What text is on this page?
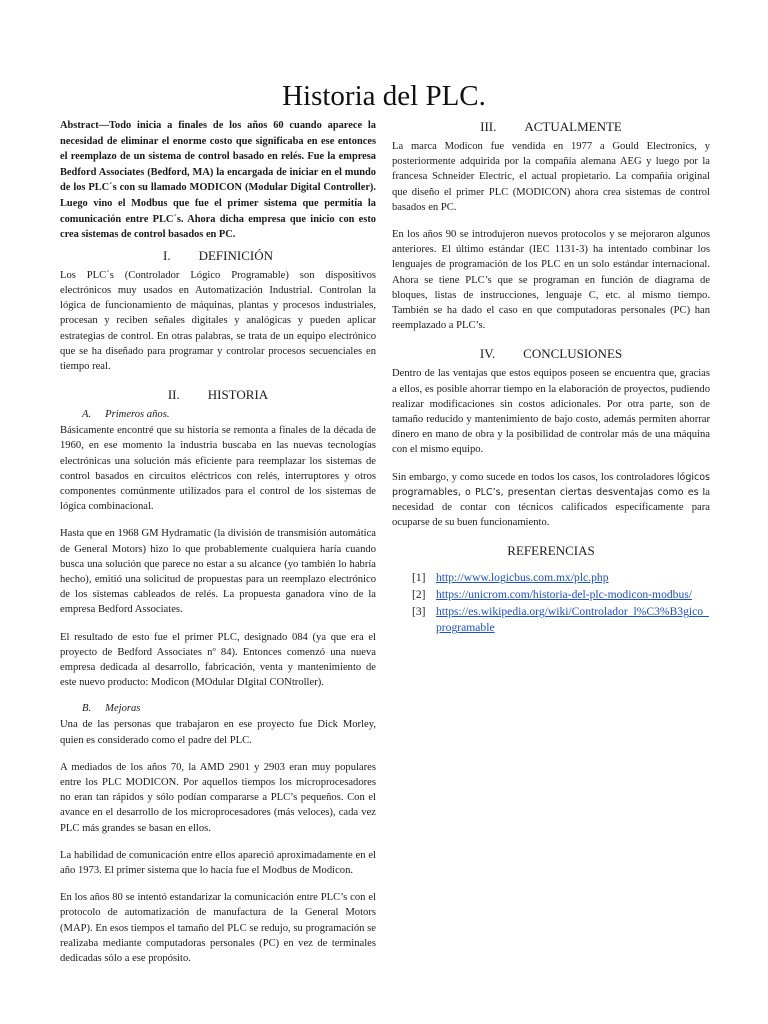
Historia del PLC.

Abstract—Todo inicia a finales de los años 60 cuando aparece la necesidad de eliminar el enorme costo que significaba en ese entonces el reemplazo de un sistema de control basado en relés. Fue la empresa Bedford Associates (Bedford, MA) la encargada de iniciar en el mundo de los PLC´s con su llamado MODICON (Modular Digital Controller). Luego vino el Modbus que fue el primer sistema que permitía la comunicación entre PLC´s. Ahora dicha empresa que inicio con esto crea sistemas de control basados en PC.

I. DEFINICIÓN

Los PLC´s (Controlador Lógico Programable) son dispositivos electrónicos muy usados en Automatización Industrial. Controlan la lógica de funcionamiento de máquinas, plantas y procesos industriales, procesan y reciben señales digitales y analógicas y pueden aplicar estrategias de control. En otras palabras, se trata de un equipo electrónico que se ha diseñado para programar y controlar procesos secuenciales en tiempo real.

II. HISTORIA
A. Primeros años.

Básicamente encontré que su historia se remonta a finales de la década de 1960, en ese momento la industria buscaba en las nuevas tecnologías electrónicas una solución más eficiente para reemplazar los sistemas de control basados en circuitos eléctricos con relés, interruptores y otros componentes comúnmente utilizados para el control de los sistemas de lógica combinacional.

Hasta que en 1968 GM Hydramatic (la división de transmisión automática de General Motors) hizo lo que probablemente cualquiera haría cuando busca una solución que parece no estar a su alcance (yo también lo habría hecho), emitió una solicitud de propuestas para un reemplazo electrónico de los sistemas cableados de relés. La propuesta ganadora vino de la empresa Bedford Associates.

El resultado de esto fue el primer PLC, designado 084 (ya que era el proyecto de Bedford Associates nº 84). Entonces comenzó una nueva empresa dedicada al desarrollo, fabricación, venta y mantenimiento de este nuevo producto: Modicon (MOdular DIgital CONtroller).

B. Mejoras

Una de las personas que trabajaron en ese proyecto fue Dick Morley, quien es considerado como el padre del PLC.

A mediados de los años 70, la AMD 2901 y 2903 eran muy populares entre los PLC MODICON. Por aquellos tiempos los microprocesadores no eran tan rápidos y sólo podían compararse a PLC’s pequeños. Con el avance en el desarrollo de los microprocesadores (más veloces), cada vez PLC más grandes se basan en ellos.

La habilidad de comunicación entre ellos apareció aproximadamente en el año 1973. El primer sistema que lo hacía fue el Modbus de Modicon.

En los años 80 se intentó estandarizar la comunicación entre PLC’s con el protocolo de automatización de manufactura de la General Motors (MAP). En esos tiempos el tamaño del PLC se redujo, su programación se realizaba mediante computadoras personales (PC) en vez de terminales dedicadas sólo a ese propósito.

III. ACTUALMENTE

La marca Modicon fue vendida en 1977 a Gould Electronics, y posteriormente adquirida por la compañía alemana AEG y luego por la francesa Schneider Electric, el actual propietario. La compañía original que diseño el primer PLC (MODICON) ahora crea sistemas de control basados en PC.

En los años 90 se introdujeron nuevos protocolos y se mejoraron algunos anteriores. El último estándar (IEC 1131-3) ha intentado combinar los lenguajes de programación de los PLC en un solo estándar internacional. Ahora se tiene PLC’s que se programan en función de diagrama de bloques, listas de instrucciones, lenguaje C, etc. al mismo tiempo. También se ha dado el caso en que computadoras personales (PC) han reemplazado a PLC’s.

IV. CONCLUSIONES

Dentro de las ventajas que estos equipos poseen se encuentra que, gracias a ellos, es posible ahorrar tiempo en la elaboración de proyectos, pudiendo realizar modificaciones sin costos adicionales. Por otra parte, son de tamaño reducido y mantenimiento de bajo costo, además permiten ahorrar dinero en mano de obra y la posibilidad de controlar más de una máquina con el mismo equipo.

Sin embargo, y como sucede en todos los casos, los controladores lógicos programables, o PLC’s, presentan ciertas desventajas como es la necesidad de contar con técnicos calificados específicamente para ocuparse de su buen funcionamiento.

REFERENCIAS
[1] http://www.logicbus.com.mx/plc.php
[2] https://unicrom.com/historia-del-plc-modicon-modbus/
[3] https://es.wikipedia.org/wiki/Controlador_l%C3%B3gico_programable
